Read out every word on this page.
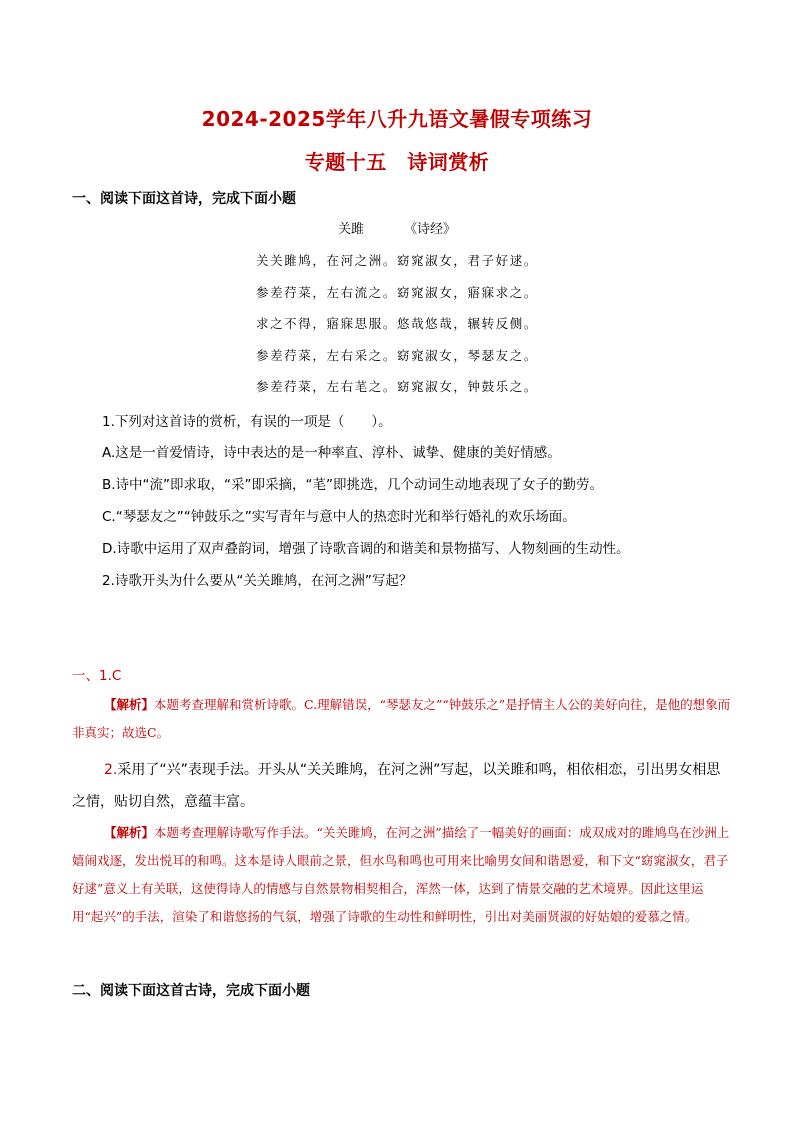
2024-2025学年八升九语文暑假专项练习
专题十五　诗词赏析
一、阅读下面这首诗，完成下面小题
关雎	《诗经》
关关雎鸠，在河之洲。窈窕淑女，君子好逑。
参差荇菜，左右流之。窈窕淑女，寤寐求之。
求之不得，寤寐思服。悠哉悠哉，辗转反侧。
参差荇菜，左右采之。窈窕淑女，琴瑟友之。
参差荇菜，左右芼之。窈窕淑女，钟鼓乐之。
1.下列对这首诗的赏析，有误的一项是（　　）。
A.这是一首爱情诗，诗中表达的是一种率直、淳朴、诚挚、健康的美好情感。
B.诗中“流”即求取，“采”即采摘，“芼”即挑选，几个动词生动地表现了女子的勤劳。
C.“琴瑟友之”“钟鼓乐之”实写青年与意中人的热恋时光和举行婚礼的欢乐场面。
D.诗歌中运用了双声叠韵词，增强了诗歌音调的和谐美和景物描写、人物刻画的生动性。
2.诗歌开头为什么要从“关关雎鸠，在河之洲”写起？
一、1.C
【解析】本题考查理解和赏析诗歌。C.理解错误，“琴瑟友之”“钟鼓乐之”是抒情主人公的美好向往，是他的想象而非真实；故选C。
2.采用了“兴”表现手法。开头从“关关雎鸠，在河之洲”写起，以关雎和鸣，相依相恋，引出男女相思之情，贴切自然，意蕴丰富。
【解析】本题考查理解诗歌写作手法。“关关雎鸠，在河之洲”描绘了一幅美好的画面：成双成对的雎鸠鸟在沙洲上嬉闹戏逐，发出悦耳的和鸣。这本是诗人眼前之景，但水鸟和鸣也可用来比喻男女间和谐恩爱，和下文“窈窕淑女，君子好逑”意义上有关联，这使得诗人的情感与自然景物相契相合，浑然一体，达到了情景交融的艺术境界。因此这里运用“起兴”的手法，渲染了和谐悠扬的气氛，增强了诗歌的生动性和鲜明性，引出对美丽贤淑的好姑娘的爱慕之情。
二、阅读下面这首古诗，完成下面小题
